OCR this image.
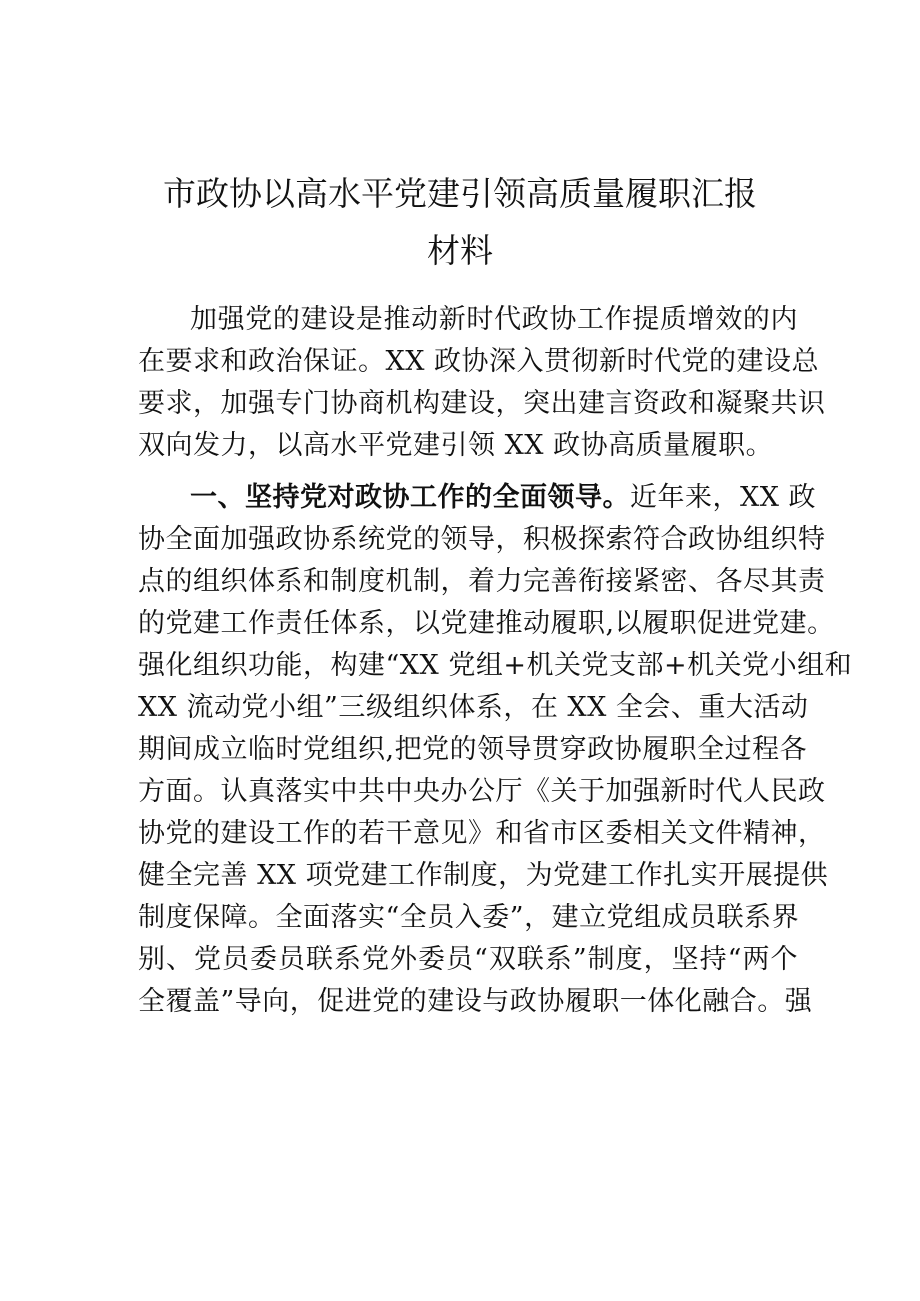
市政协以高水平党建引领高质量履职汇报
材料
加强党的建设是推动新时代政协工作提质增效的内
在要求和政治保证。XX 政协深入贯彻新时代党的建设总
要求，加强专门协商机构建设，突出建言资政和凝聚共识
双向发力，以高水平党建引领 XX 政协高质量履职。
一、坚持党对政协工作的全面领导。近年来，XX 政
协全面加强政协系统党的领导，积极探索符合政协组织特
点的组织体系和制度机制，着力完善衔接紧密、各尽其责
的党建工作责任体系，以党建推动履职,以履职促进党建。
强化组织功能，构建“XX 党组+机关党支部+机关党小组和
XX 流动党小组”三级组织体系，在 XX 全会、重大活动
期间成立临时党组织,把党的领导贯穿政协履职全过程各
方面。认真落实中共中央办公厅《关于加强新时代人民政
协党的建设工作的若干意见》和省市区委相关文件精神，
健全完善 XX 项党建工作制度，为党建工作扎实开展提供
制度保障。全面落实“全员入委”，建立党组成员联系界
别、党员委员联系党外委员“双联系”制度，坚持“两个
全覆盖”导向，促进党的建设与政协履职一体化融合。强
